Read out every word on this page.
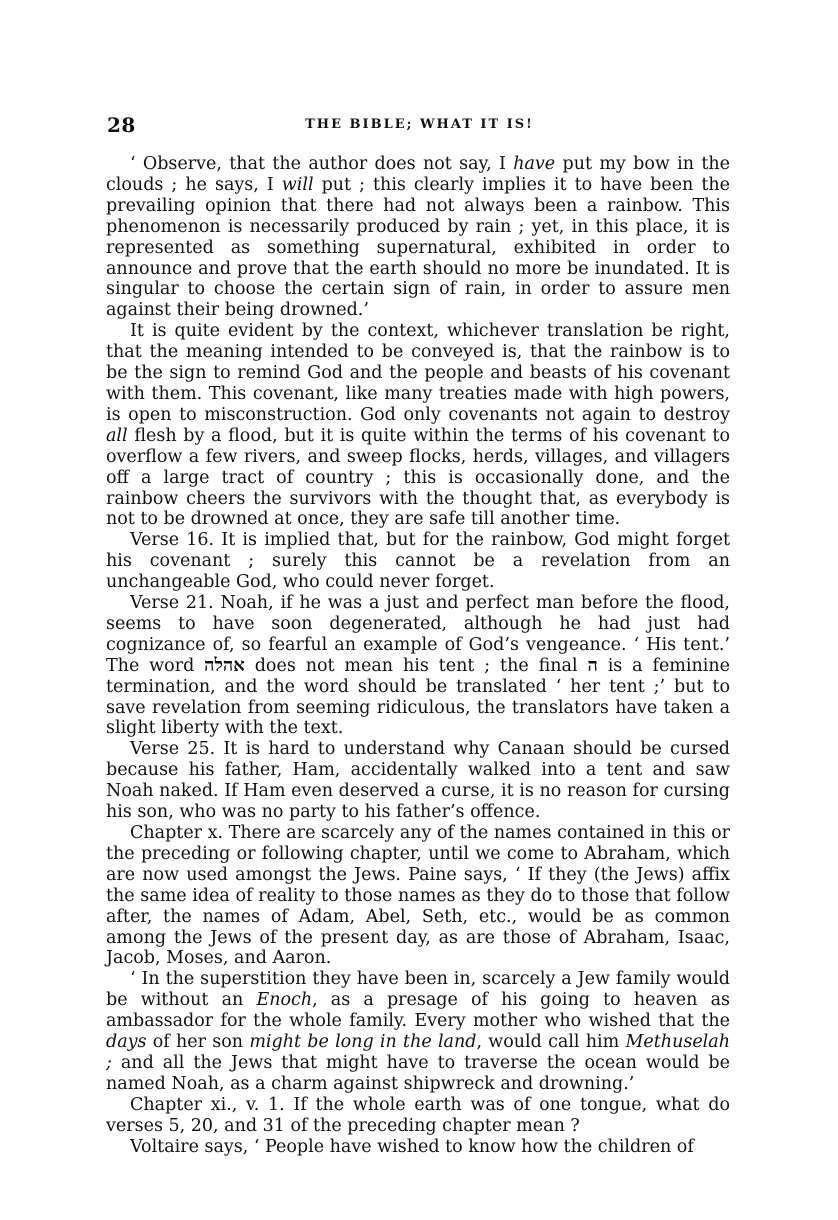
28	THE BIBLE; WHAT IT IS!

‘ Observe, that the author does not say, I have put my bow in the clouds ; he says, I will put ; this clearly implies it to have been the prevailing opinion that there had not always been a rainbow. This phenomenon is necessarily produced by rain ; yet, in this place, it is represented as something supernatural, exhibited in order to announce and prove that the earth should no more be inundated. It is singular to choose the certain sign of rain, in order to assure men against their being drowned.’

It is quite evident by the context, whichever translation be right, that the meaning intended to be conveyed is, that the rainbow is to be the sign to remind God and the people and beasts of his covenant with them. This covenant, like many treaties made with high powers, is open to misconstruction. God only covenants not again to destroy all flesh by a flood, but it is quite within the terms of his covenant to overflow a few rivers, and sweep flocks, herds, villages, and villagers off a large tract of country ; this is occasionally done, and the rainbow cheers the survivors with the thought that, as everybody is not to be drowned at once, they are safe till another time.

Verse 16. It is implied that, but for the rainbow, God might forget his covenant ; surely this cannot be a revelation from an unchangeable God, who could never forget.

Verse 21. Noah, if he was a just and perfect man before the flood, seems to have soon degenerated, although he had just had cognizance of, so fearful an example of God’s vengeance. ‘ His tent.’ The word אהלה does not mean his tent ; the final ה is a feminine termination, and the word should be translated ‘ her tent ;’ but to save revelation from seeming ridiculous, the translators have taken a slight liberty with the text.

Verse 25. It is hard to understand why Canaan should be cursed because his father, Ham, accidentally walked into a tent and saw Noah naked. If Ham even deserved a curse, it is no reason for cursing his son, who was no party to his father’s offence.

Chapter x. There are scarcely any of the names contained in this or the preceding or following chapter, until we come to Abraham, which are now used amongst the Jews. Paine says, ‘ If they (the Jews) affix the same idea of reality to those names as they do to those that follow after, the names of Adam, Abel, Seth, etc., would be as common among the Jews of the present day, as are those of Abraham, Isaac, Jacob, Moses, and Aaron.

‘ In the superstition they have been in, scarcely a Jew family would be without an Enoch, as a presage of his going to heaven as ambassador for the whole family. Every mother who wished that the days of her son might be long in the land, would call him Methuselah ; and all the Jews that might have to traverse the ocean would be named Noah, as a charm against shipwreck and drowning.’

Chapter xi., v. 1. If the whole earth was of one tongue, what do verses 5, 20, and 31 of the preceding chapter mean ?

Voltaire says, ‘ People have wished to know how the children of
